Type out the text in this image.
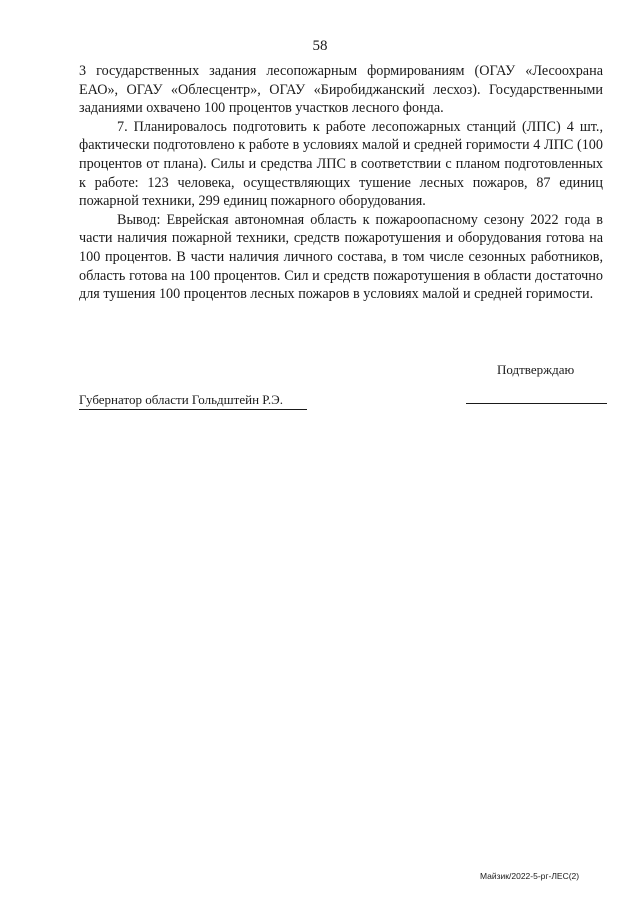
58

3 государственных задания лесопожарным формированиям (ОГАУ «Лесоохрана ЕАО», ОГАУ «Облесцентр», ОГАУ «Биробиджанский лесхоз). Государственными заданиями охвачено 100 процентов участков лесного фонда.

7. Планировалось подготовить к работе лесопожарных станций (ЛПС) 4 шт., фактически подготовлено к работе в условиях малой и средней горимости 4 ЛПС (100 процентов от плана). Силы и средства ЛПС в соответствии с планом подготовленных к работе: 123 человека, осуществляющих тушение лесных пожаров, 87 единиц пожарной техники, 299 единиц пожарного оборудования.

Вывод: Еврейская автономная область к пожароопасному сезону 2022 года в части наличия пожарной техники, средств пожаротушения и оборудования готова на 100 процентов. В части наличия личного состава, в том числе сезонных работников, область готова на 100 процентов. Сил и средств пожаротушения в области достаточно для тушения 100 процентов лесных пожаров в условиях малой и средней горимости.

Подтверждаю
Губернатор области Гольдштейн Р.Э.
Майзик/2022-5-рг-ЛЕС(2)
